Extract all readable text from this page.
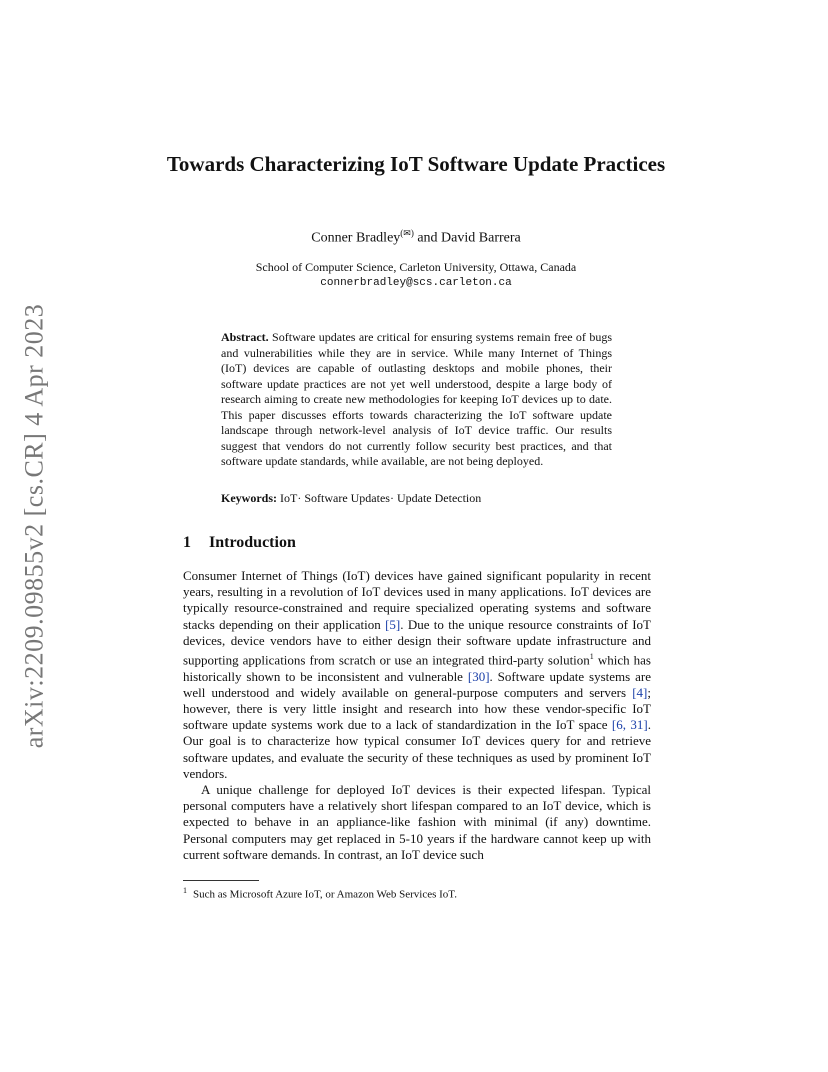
arXiv:2209.09855v2 [cs.CR] 4 Apr 2023
Towards Characterizing IoT Software Update Practices
Conner Bradley(✉) and David Barrera
School of Computer Science, Carleton University, Ottawa, Canada
connerbradley@scs.carleton.ca

Abstract. Software updates are critical for ensuring systems remain free of bugs and vulnerabilities while they are in service. While many Internet of Things (IoT) devices are capable of outlasting desktops and mobile phones, their software update practices are not yet well understood, despite a large body of research aiming to create new methodologies for keeping IoT devices up to date. This paper discusses efforts towards characterizing the IoT software update landscape through network-level analysis of IoT device traffic. Our results suggest that vendors do not currently follow security best practices, and that software update standards, while available, are not being deployed.

Keywords: IoT· Software Updates· Update Detection

1 Introduction

Consumer Internet of Things (IoT) devices have gained significant popularity in recent years, resulting in a revolution of IoT devices used in many applications. IoT devices are typically resource-constrained and require specialized operating systems and software stacks depending on their application [5]. Due to the unique resource constraints of IoT devices, device vendors have to either design their software update infrastructure and supporting applications from scratch or use an integrated third-party solution$^1$ which has historically shown to be inconsistent and vulnerable [30]. Software update systems are well understood and widely available on general-purpose computers and servers [4]; however, there is very little insight and research into how these vendor-specific IoT software update systems work due to a lack of standardization in the IoT space [6, 31]. Our goal is to characterize how typical consumer IoT devices query for and retrieve software updates, and evaluate the security of these techniques as used by prominent IoT vendors.

A unique challenge for deployed IoT devices is their expected lifespan. Typical personal computers have a relatively short lifespan compared to an IoT device, which is expected to behave in an appliance-like fashion with minimal (if any) downtime. Personal computers may get replaced in 5-10 years if the hardware cannot keep up with current software demands. In contrast, an IoT device such

$^1$ Such as Microsoft Azure IoT, or Amazon Web Services IoT.
